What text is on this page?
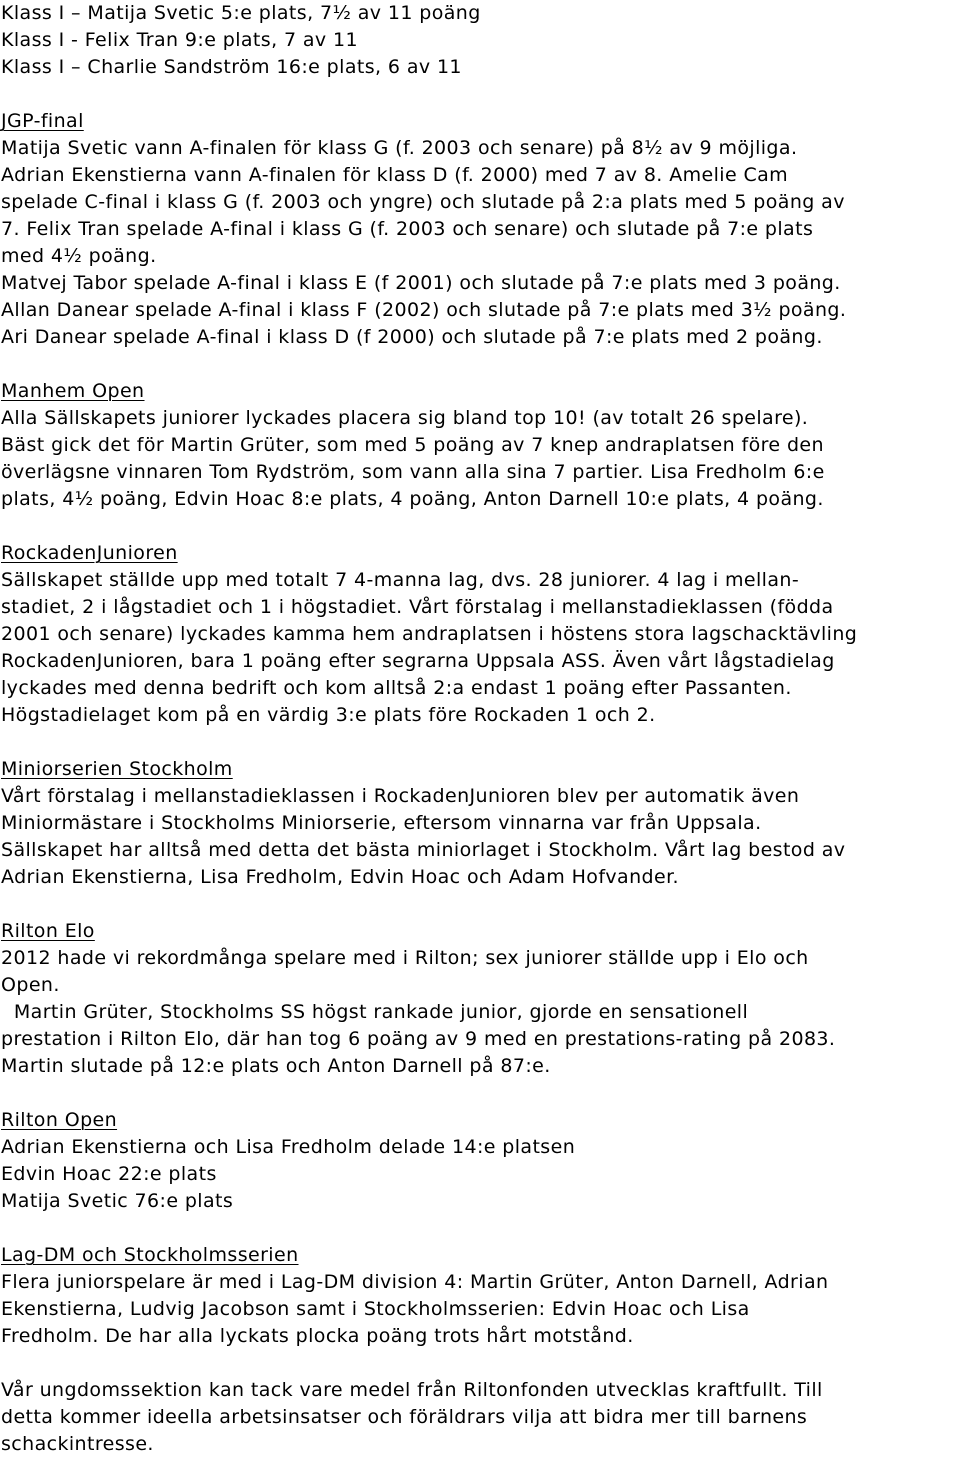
Klass I – Matija Svetic 5:e plats, 7½ av 11 poäng
Klass I - Felix Tran 9:e plats, 7 av 11
Klass I – Charlie Sandström 16:e plats, 6 av 11
JGP-final
Matija Svetic vann A-finalen för klass G (f. 2003 och senare) på 8½ av 9 möjliga.
Adrian Ekenstierna vann A-finalen för klass D (f. 2000) med 7 av 8. Amelie Cam
spelade C-final i klass G (f. 2003 och yngre) och slutade på 2:a plats med 5 poäng av
7. Felix Tran spelade A-final i klass G (f. 2003 och senare) och slutade på 7:e plats
med 4½ poäng.
Matvej Tabor spelade A-final i klass E (f 2001) och slutade på 7:e plats med 3 poäng.
Allan Danear spelade A-final i klass F (2002) och slutade på 7:e plats med 3½ poäng.
Ari Danear spelade A-final i klass D (f 2000) och slutade på 7:e plats med 2 poäng.
Manhem Open
Alla Sällskapets juniorer lyckades placera sig bland top 10! (av totalt 26 spelare).
Bäst gick det för Martin Grüter, som med 5 poäng av 7 knep andraplatsen före den
överlägsne vinnaren Tom Rydström, som vann alla sina 7 partier. Lisa Fredholm 6:e
plats, 4½ poäng, Edvin Hoac 8:e plats, 4 poäng, Anton Darnell 10:e plats, 4 poäng.
RockadenJunioren
Sällskapet ställde upp med totalt 7 4-manna lag, dvs. 28 juniorer. 4 lag i mellan-
stadiet, 2 i lågstadiet och 1 i högstadiet. Vårt förstalag i mellanstadieklassen (födda
2001 och senare) lyckades kamma hem andraplatsen i höstens stora lagschacktävling
RockadenJunioren, bara 1 poäng efter segrarna Uppsala ASS. Även vårt lågstadielag
lyckades med denna bedrift och kom alltså 2:a endast 1 poäng efter Passanten.
Högstadielaget kom på en värdig 3:e plats före Rockaden 1 och 2.
Miniorserien Stockholm
Vårt förstalag i mellanstadieklassen i RockadenJunioren blev per automatik även
Miniormästare i Stockholms Miniorserie, eftersom vinnarna var från Uppsala.
Sällskapet har alltså med detta det bästa miniorlaget i Stockholm. Vårt lag bestod av
Adrian Ekenstierna, Lisa Fredholm, Edvin Hoac och Adam Hofvander.
Rilton Elo
2012 hade vi rekordmånga spelare med i Rilton; sex juniorer ställde upp i Elo och
Open.
Martin Grüter, Stockholms SS högst rankade junior, gjorde en sensationell
prestation i Rilton Elo, där han tog 6 poäng av 9 med en prestations-rating på 2083.
Martin slutade på 12:e plats och Anton Darnell på 87:e.
Rilton Open
Adrian Ekenstierna och Lisa Fredholm delade 14:e platsen
Edvin Hoac 22:e plats
Matija Svetic 76:e plats
Lag-DM och Stockholmsserien
Flera juniorspelare är med i Lag-DM division 4: Martin Grüter, Anton Darnell, Adrian
Ekenstierna, Ludvig Jacobson samt i Stockholmsserien: Edvin Hoac och Lisa
Fredholm. De har alla lyckats plocka poäng trots hårt motstånd.
Vår ungdomssektion kan tack vare medel från Riltonfonden utvecklas kraftfullt. Till
detta kommer ideella arbetsinsatser och föräldrars vilja att bidra mer till barnens
schackintresse.
